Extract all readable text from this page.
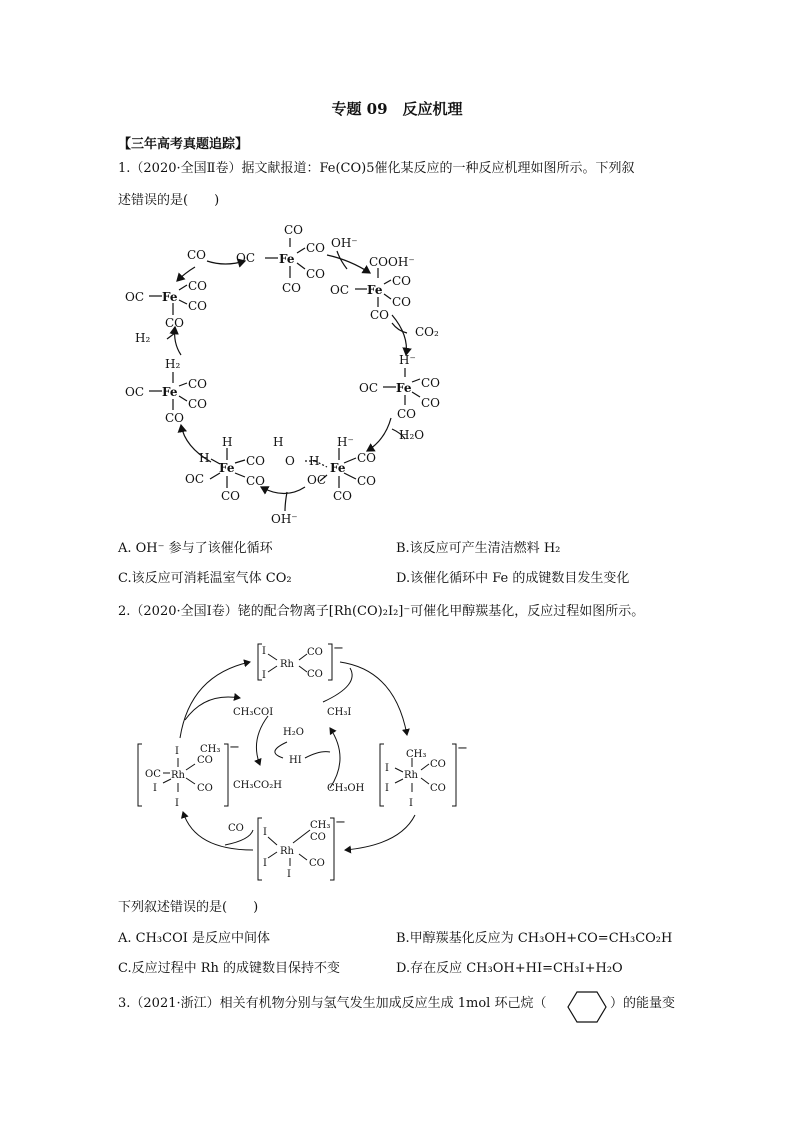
专题 09　反应机理
【三年高考真题追踪】
1.（2020·全国Ⅱ卷）据文献报道：Fe(CO)5催化某反应的一种反应机理如图所示。下列叙
述错误的是(　　)
CO
OC Fe
CO
CO
CO
CO
OH⁻
COOH⁻
OC Fe
CO
CO
CO
CO₂
H⁻
OC Fe CO
CO
CO
H₂O
H⁻
H
O H Fe
CO
CO
OC
CO
OH⁻
H
H
Fe CO
CO
OC
CO
H₂
OC Fe
CO
CO
CO
H₂
OC Fe
CO
CO
CO
A. OH⁻ 参与了该催化循环	B.该反应可产生清洁燃料 H₂
C.该反应可消耗温室气体 CO₂	D.该催化循环中 Fe 的成键数目发生变化
2.（2020·全国Ⅰ卷）铑的配合物离子[Rh(CO)₂I₂]⁻可催化甲醇羰基化，反应过程如图所示。
I
I
Rh
CO
CO
−
CH₃COI	CH₃I
H₂O
HI
CH₃CO₂H	CH₃OH
I CH₃
CO
OC Rh
I	CO
I
−	CH₃
I
Rh
CO
I	CO
I
−
CH₃
CO
I
Rh
I	CO
I
−
CO
下列叙述错误的是(　　)
A. CH₃COI 是反应中间体	B.甲醇羰基化反应为 CH₃OH+CO=CH₃CO₂H
C.反应过程中 Rh 的成键数目保持不变	D.存在反应 CH₃OH+HI=CH₃I+H₂O
3.（2021·浙江）相关有机物分别与氢气发生加成反应生成 1mol 环己烷（	）的能量变
